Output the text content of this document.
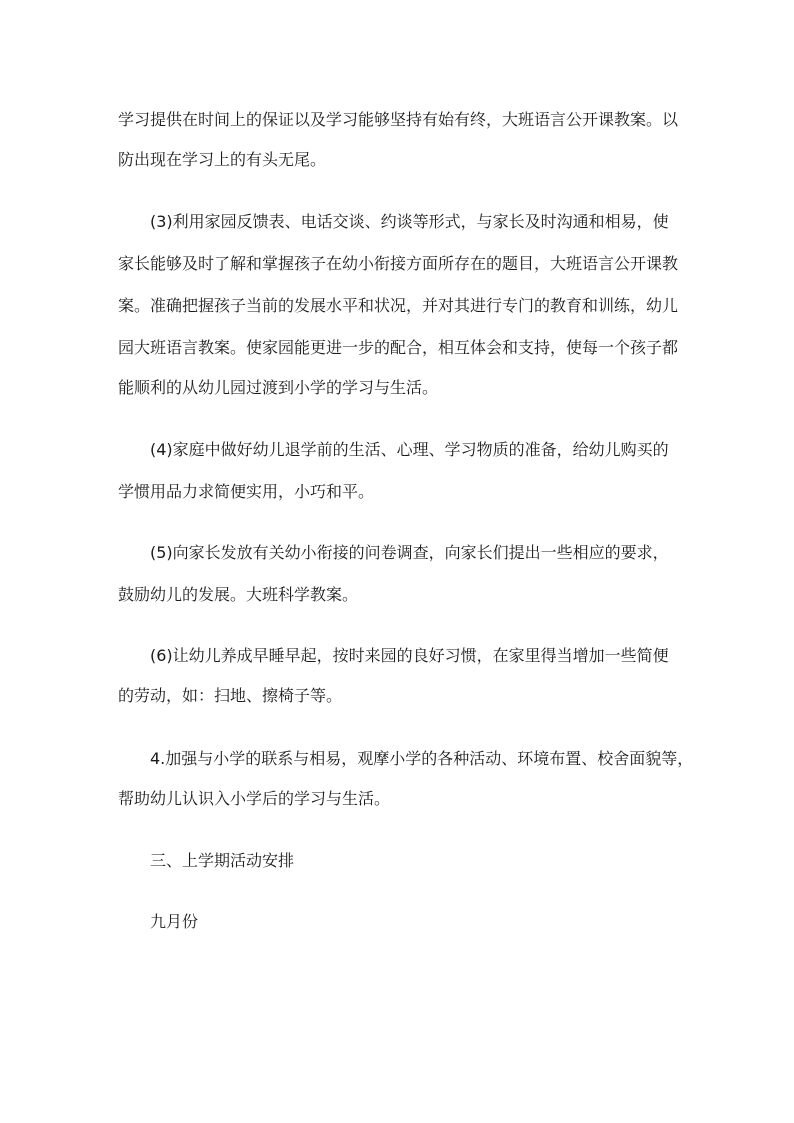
学习提供在时间上的保证以及学习能够坚持有始有终，大班语言公开课教案。以

防出现在学习上的有头无尾。

(3)利用家园反馈表、电话交谈、约谈等形式，与家长及时沟通和相易，使

家长能够及时了解和掌握孩子在幼小衔接方面所存在的题目，大班语言公开课教

案。准确把握孩子当前的发展水平和状况，并对其进行专门的教育和训练，幼儿

园大班语言教案。使家园能更进一步的配合，相互体会和支持，使每一个孩子都

能顺利的从幼儿园过渡到小学的学习与生活。

(4)家庭中做好幼儿退学前的生活、心理、学习物质的准备，给幼儿购买的

学惯用品力求简便实用，小巧和平。

(5)向家长发放有关幼小衔接的问卷调查，向家长们提出一些相应的要求，

鼓励幼儿的发展。大班科学教案。

(6)让幼儿养成早睡早起，按时来园的良好习惯，在家里得当增加一些简便

的劳动，如：扫地、擦椅子等。

4.加强与小学的联系与相易，观摩小学的各种活动、环境布置、校舍面貌等，

帮助幼儿认识入小学后的学习与生活。

三、上学期活动安排

九月份
